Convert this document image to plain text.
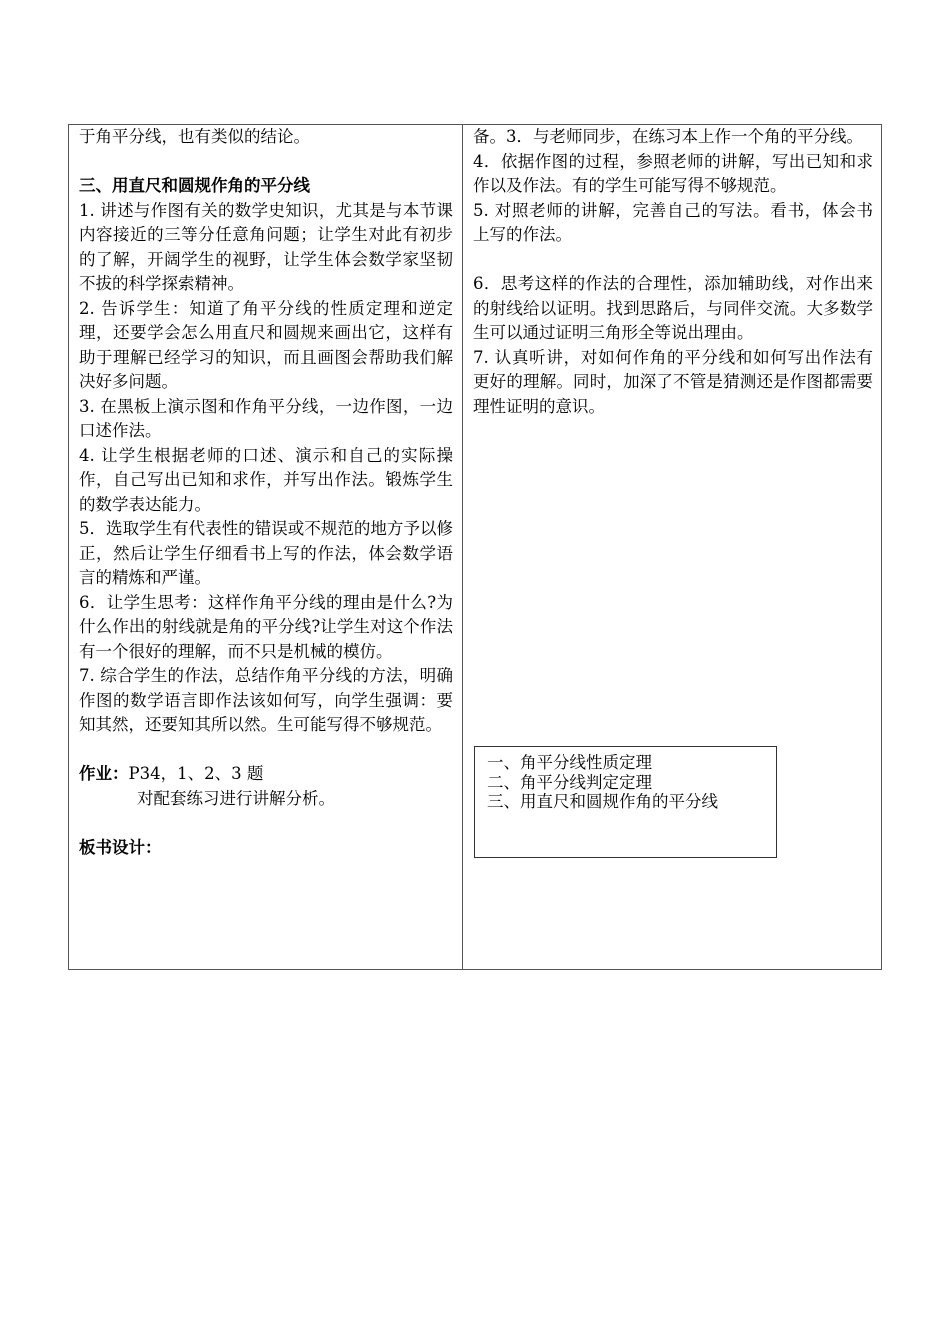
于角平分线，也有类似的结论。

三、用直尺和圆规作角的平分线

1. 讲述与作图有关的数学史知识，尤其是与本节课内容接近的三等分任意角问题；让学生对此有初步的了解，开阔学生的视野，让学生体会数学家坚韧不拔的科学探索精神。

2. 告诉学生：知道了角平分线的性质定理和逆定理，还要学会怎么用直尺和圆规来画出它，这样有助于理解已经学习的知识，而且画图会帮助我们解决好多问题。

3. 在黑板上演示图和作角平分线，一边作图，一边口述作法。

4. 让学生根据老师的口述、演示和自己的实际操作，自己写出已知和求作，并写出作法。锻炼学生的数学表达能力。

5．选取学生有代表性的错误或不规范的地方予以修正，然后让学生仔细看书上写的作法，体会数学语言的精炼和严谨。

6．让学生思考：这样作角平分线的理由是什么?为什么作出的射线就是角的平分线?让学生对这个作法有一个很好的理解，而不只是机械的模仿。

7. 综合学生的作法，总结作角平分线的方法，明确作图的数学语言即作法该如何写，向学生强调：要知其然，还要知其所以然。生可能写得不够规范。

作业：P34，1、2、3 题

对配套练习进行讲解分析。

板书设计：

备。3．与老师同步，在练习本上作一个角的平分线。

4．依据作图的过程，参照老师的讲解，写出已知和求作以及作法。有的学生可能写得不够规范。

5. 对照老师的讲解，完善自己的写法。看书，体会书上写的作法。

6．思考这样的作法的合理性，添加辅助线，对作出来的射线给以证明。找到思路后，与同伴交流。大多数学生可以通过证明三角形全等说出理由。

7. 认真听讲，对如何作角的平分线和如何写出作法有更好的理解。同时，加深了不管是猜测还是作图都需要理性证明的意识。

一、角平分线性质定理

二、角平分线判定定理

三、用直尺和圆规作角的平分线
